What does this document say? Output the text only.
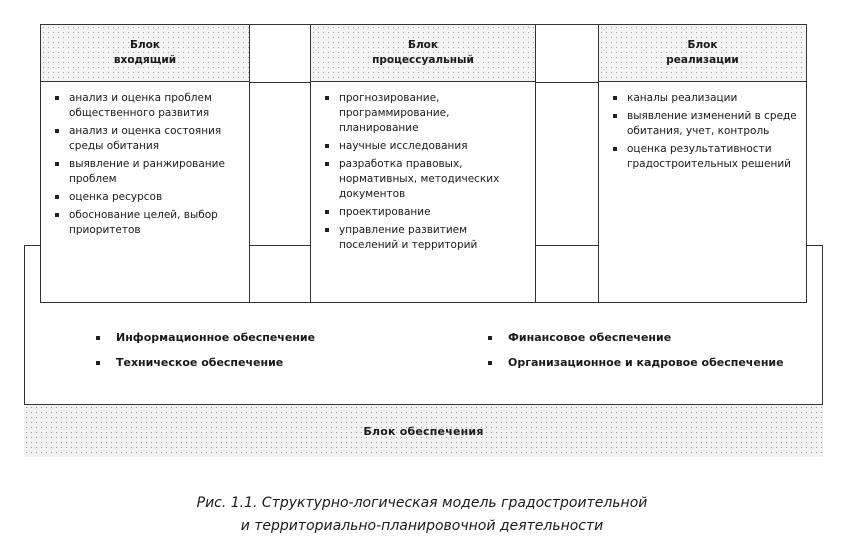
Блок обеспечения
Блок
входящий
анализ и оценка проблем общественного развития
анализ и оценка состояния среды обитания
выявление и ранжирование проблем
оценка ресурсов
обоснование целей, выбор приоритетов
Блок
процессуальный
прогнозирование, программирование, планирование
научные исследования
разработка правовых, нормативных, методических документов
проектирование
управление развитием поселений и территорий
Блок
реализации
каналы реализации
выявление изменений в среде обитания, учет, контроль
оценка результативности градостроительных решений
Информационное обеспечение
Техническое обеспечение
Финансовое обеспечение
Организационное и кадровое обеспечение
Рис. 1.1. Структурно-логическая модель градостроительной
и территориально-планировочной деятельности
